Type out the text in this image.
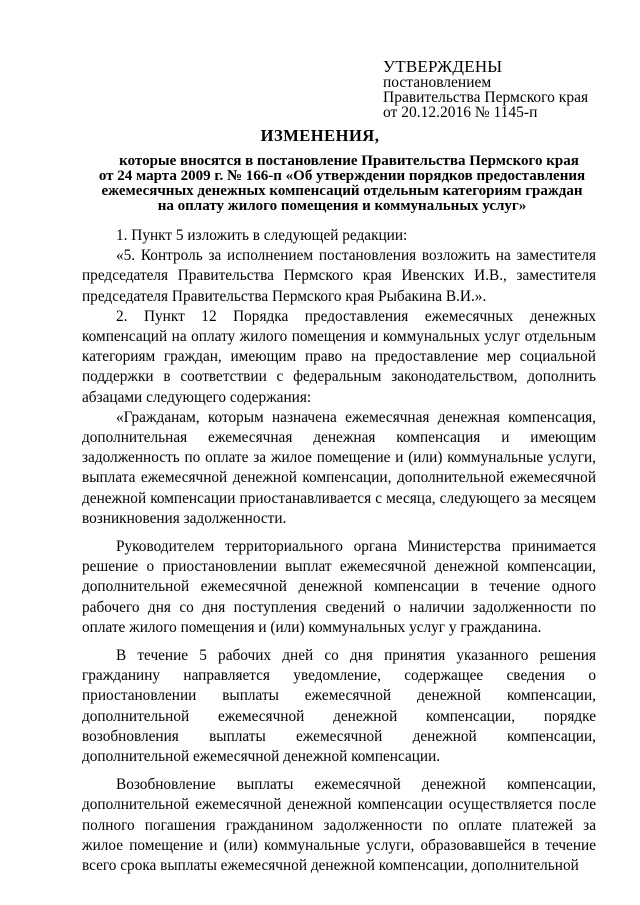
УТВЕРЖДЕНЫ
постановлением
Правительства Пермского края
от 20.12.2016 № 1145-п
ИЗМЕНЕНИЯ,
которые вносятся в постановление Правительства Пермского края
от 24 марта 2009 г. № 166-п «Об утверждении порядков предоставления
ежемесячных денежных компенсаций отдельным категориям граждан
на оплату жилого помещения и коммунальных услуг»

1. Пункт 5 изложить в следующей редакции:

«5. Контроль за исполнением постановления возложить на заместителя председателя Правительства Пермского края Ивенских И.В., заместителя председателя Правительства Пермского края Рыбакина В.И.».

2. Пункт 12 Порядка предоставления ежемесячных денежных компенсаций на оплату жилого помещения и коммунальных услуг отдельным категориям граждан, имеющим право на предоставление мер социальной поддержки в соответствии с федеральным законодательством, дополнить абзацами следующего содержания:

«Гражданам, которым назначена ежемесячная денежная компенсация, дополнительная ежемесячная денежная компенсация и имеющим задолженность по оплате за жилое помещение и (или) коммунальные услуги, выплата ежемесячной денежной компенсации, дополнительной ежемесячной денежной компенсации приостанавливается с месяца, следующего за месяцем возникновения задолженности.

Руководителем территориального органа Министерства принимается решение о приостановлении выплат ежемесячной денежной компенсации, дополнительной ежемесячной денежной компенсации в течение одного рабочего дня со дня поступления сведений о наличии задолженности по оплате жилого помещения и (или) коммунальных услуг у гражданина.

В течение 5 рабочих дней со дня принятия указанного решения гражданину направляется уведомление, содержащее сведения о приостановлении выплаты ежемесячной денежной компенсации, дополнительной ежемесячной денежной компенсации, порядке возобновления выплаты ежемесячной денежной компенсации, дополнительной ежемесячной денежной компенсации.

Возобновление выплаты ежемесячной денежной компенсации, дополнительной ежемесячной денежной компенсации осуществляется после полного погашения гражданином задолженности по оплате платежей за жилое помещение и (или) коммунальные услуги, образовавшейся в течение всего срока выплаты ежемесячной денежной компенсации, дополнительной
